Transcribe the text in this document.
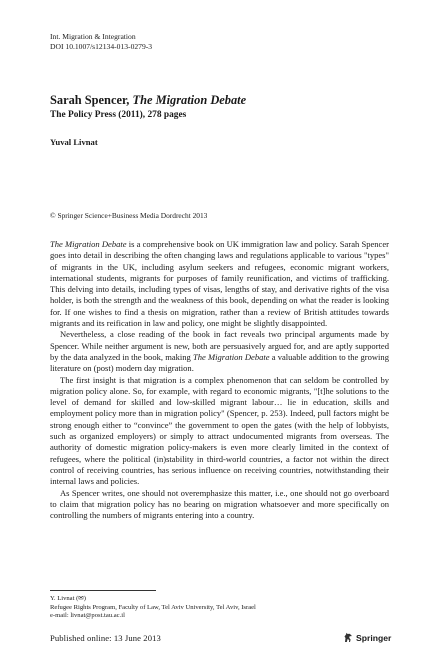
Int. Migration & Integration
DOI 10.1007/s12134-013-0279-3
Sarah Spencer, The Migration Debate
The Policy Press (2011), 278 pages
Yuval Livnat
© Springer Science+Business Media Dordrecht 2013

The Migration Debate is a comprehensive book on UK immigration law and policy. Sarah Spencer goes into detail in describing the often changing laws and regulations applicable to various "types" of migrants in the UK, including asylum seekers and refugees, economic migrant workers, international students, migrants for purposes of family reunification, and victims of trafficking. This delving into details, including types of visas, lengths of stay, and derivative rights of the visa holder, is both the strength and the weakness of this book, depending on what the reader is looking for. If one wishes to find a thesis on migration, rather than a review of British attitudes towards migrants and its reification in law and policy, one might be slightly disappointed.

Nevertheless, a close reading of the book in fact reveals two principal arguments made by Spencer. While neither argument is new, both are persuasively argued for, and are aptly supported by the data analyzed in the book, making The Migration Debate a valuable addition to the growing literature on (post) modern day migration.

The first insight is that migration is a complex phenomenon that can seldom be controlled by migration policy alone. So, for example, with regard to economic migrants, "[t]he solutions to the level of demand for skilled and low-skilled migrant labour… lie in education, skills and employment policy more than in migration policy" (Spencer, p. 253). Indeed, pull factors might be strong enough either to “convince” the government to open the gates (with the help of lobbyists, such as organized employers) or simply to attract undocumented migrants from overseas. The authority of domestic migration policy-makers is even more clearly limited in the context of refugees, where the political (in)stability in third-world countries, a factor not within the direct control of receiving countries, has serious influence on receiving countries, notwithstanding their internal laws and policies.

As Spencer writes, one should not overemphasize this matter, i.e., one should not go overboard to claim that migration policy has no bearing on migration whatsoever and more specifically on controlling the numbers of migrants entering into a country.

Y. Livnat (✉)
Refugee Rights Program, Faculty of Law, Tel Aviv University, Tel Aviv, Israel
e-mail: livnat@post.tau.ac.il
Published online: 13 June 2013	Springer
